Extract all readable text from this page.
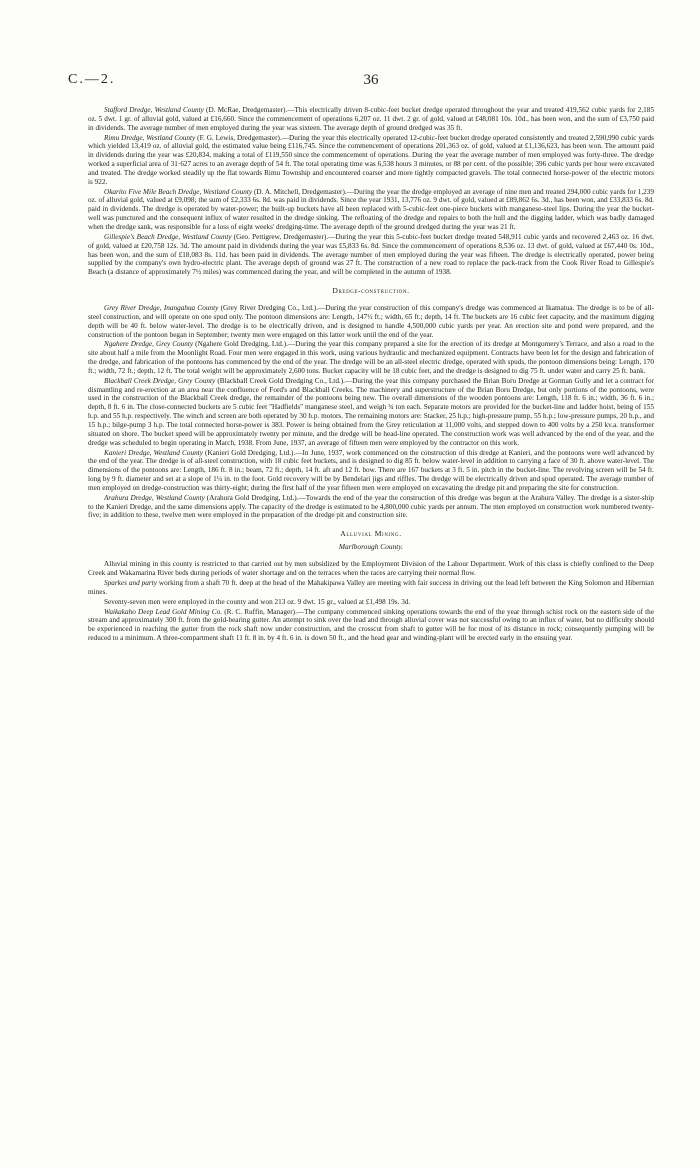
C.—2.	36

Stafford Dredge, Westland County (D. McRae, Dredgemaster).—This electrically driven 8-cubic-feet bucket dredge operated throughout the year and treated 419,562 cubic yards for 2,185 oz. 5 dwt. 1 gr. of alluvial gold, valued at £16,660. Since the commencement of operations 6,207 oz. 11 dwt. 2 gr. of gold, valued at £48,081 10s. 10d., has been won, and the sum of £3,750 paid in dividends. The average number of men employed during the year was sixteen. The average depth of ground dredged was 35 ft.

Rimu Dredge, Westland County (F. G. Lewis, Dredgemaster).—During the year this electrically operated 12-cubic-feet bucket dredge operated consistently and treated 2,590,990 cubic yards which yielded 13,419 oz. of alluvial gold, the estimated value being £116,745. Since the commencement of operations 201,363 oz. of gold, valued at £1,136,623, has been won. The amount paid in dividends during the year was £20,834, making a total of £119,550 since the commencement of operations. During the year the average number of men employed was forty-three. The dredge worked a superficial area of 31·627 acres to an average depth of 54 ft. The total operating time was 6,538 hours 3 minutes, or 88 per cent. of the possible; 396 cubic yards per hour were excavated and treated. The dredge worked steadily up the flat towards Rimu Township and encountered coarser and more tightly compacted gravels. The total connected horse-power of the electric motors is 922.

Okarito Five Mile Beach Dredge, Westland County (D. A. Mitchell, Dredgemaster).—During the year the dredge employed an average of nine men and treated 294,000 cubic yards for 1,239 oz. of alluvial gold, valued at £9,098; the sum of £2,333 6s. 8d. was paid in dividends. Since the year 1931, 13,776 oz. 9 dwt. of gold, valued at £89,862 6s. 3d., has been won, and £33,833 6s. 8d. paid in dividends. The dredge is operated by water-power; the built-up buckets have all been replaced with 5-cubic-feet one-piece buckets with manganese-steel lips. During the year the bucket-well was punctured and the consequent influx of water resulted in the dredge sinking. The refloating of the dredge and repairs to both the hull and the digging ladder, which was badly damaged when the dredge sank, was responsible for a loss of eight weeks' dredging-time. The average depth of the ground dredged during the year was 21 ft.

Gillespie's Beach Dredge, Westland County (Geo. Pettigrew, Dredgemaster).—During the year this 5-cubic-feet bucket dredge treated 548,911 cubic yards and recovered 2,463 oz. 16 dwt. of gold, valued at £20,758 12s. 3d. The amount paid in dividends during the year was £5,833 6s. 8d. Since the commencement of operations 8,536 oz. 13 dwt. of gold, valued at £67,440 0s. 10d., has been won, and the sum of £18,083 8s. 11d. has been paid in dividends. The average number of men employed during the year was fifteen. The dredge is electrically operated, power being supplied by the company's own hydro-electric plant. The average depth of ground was 27 ft. The construction of a new road to replace the pack-track from the Cook River Road to Gillespie's Beach (a distance of approximately 7½ miles) was commenced during the year, and will be completed in the autumn of 1938.

Dredge-construction.

Grey River Dredge, Inangahua County (Grey River Dredging Co., Ltd.).—During the year construction of this company's dredge was commenced at Ikamatua. The dredge is to be of all-steel construction, and will operate on one spud only. The pontoon dimensions are: Length, 147½ ft.; width, 65 ft.; depth, 14 ft. The buckets are 16 cubic feet capacity, and the maximum digging depth will be 40 ft. below water-level. The dredge is to be electrically driven, and is designed to handle 4,500,000 cubic yards per year. An erection site and pond were prepared, and the construction of the pontoon began in September; twenty men were engaged on this latter work until the end of the year.

Ngahere Dredge, Grey County (Ngahere Gold Dredging, Ltd.).—During the year this company prepared a site for the erection of its dredge at Montgomery's Terrace, and also a road to the site about half a mile from the Moonlight Road. Four men were engaged in this work, using various hydraulic and mechanized equipment. Contracts have been let for the design and fabrication of the dredge, and fabrication of the pontoons has commenced by the end of the year. The dredge will be an all-steel electric dredge, operated with spuds, the pontoon dimensions being: Length, 170 ft.; width, 72 ft.; depth, 12 ft. The total weight will be approximately 2,600 tons. Bucket capacity will be 18 cubic feet, and the dredge is designed to dig 75 ft. under water and carry 25 ft. bank.

Blackball Creek Dredge, Grey County (Blackball Creek Gold Dredging Co., Ltd.).—During the year this company purchased the Brian Boru Dredge at Gorman Gully and let a contract for dismantling and re-erection at an area near the confluence of Ford's and Blackball Creeks. The machinery and superstructure of the Brian Boru Dredge, but only portions of the pontoons, were used in the construction of the Blackball Creek dredge, the remainder of the pontoons being new. The overall dimensions of the wooden pontoons are: Length, 118 ft. 6 in.; width, 36 ft. 6 in.; depth, 8 ft. 6 in. The close-connected buckets are 5 cubic feet "Hadfields" manganese steel, and weigh ¾ ton each. Separate motors are provided for the bucket-line and ladder hoist, being of 155 h.p. and 55 h.p. respectively. The winch and screen are both operated by 30 h.p. motors. The remaining motors are: Stacker, 25 h.p.; high-pressure pump, 55 h.p.; low-pressure pumps, 20 h.p., and 15 h.p.; bilge-pump 3 h.p. The total connected horse-power is 383. Power is being obtained from the Grey reticulation at 11,000 volts, and stepped down to 400 volts by a 250 kv.a. transformer situated on shore. The bucket speed will be approximately twenty per minute, and the dredge will be head-line operated. The construction work was well advanced by the end of the year, and the dredge was scheduled to begin operating in March, 1938. From June, 1937, an average of fifteen men were employed by the contractor on this work.

Kanieri Dredge, Westland County (Kanieri Gold Dredging, Ltd.).—In June, 1937, work commenced on the construction of this dredge at Kanieri, and the pontoons were well advanced by the end of the year. The dredge is of all-steel construction, with 18 cubic feet buckets, and is designed to dig 85 ft. below water-level in addition to carrying a face of 30 ft. above water-level. The dimensions of the pontoons are: Length, 186 ft. 8 in.; beam, 72 ft.; depth, 14 ft. aft and 12 ft. bow. There are 167 buckets at 3 ft. 5 in. pitch in the bucket-line. The revolving screen will be 54 ft. long by 9 ft. diameter and set at a slope of 1¼ in. to the foot. Gold recovery will be by Bendelari jigs and riffles. The dredge will be electrically driven and spud operated. The average number of men employed on dredge-construction was thirty-eight; during the first half of the year fifteen men were employed on excavating the dredge pit and preparing the site for construction.

Arahura Dredge, Westland County (Arahura Gold Dredging, Ltd.).—Towards the end of the year the construction of this dredge was begun at the Arahura Valley. The dredge is a sister-ship to the Kanieri Dredge, and the same dimensions apply. The capacity of the dredge is estimated to be 4,800,000 cubic yards per annum. The men employed on construction work numbered twenty-five; in addition to these, twelve men were employed in the preparation of the dredge pit and construction site.

Alluvial Mining.
Marlborough County.

Alluvial mining in this county is restricted to that carried out by men subsidized by the Employment Division of the Labour Department. Work of this class is chiefly confined to the Deep Creek and Wakamarina River beds during periods of water shortage and on the terraces when the races are carrying their normal flow.

Sparkes and party working from a shaft 70 ft. deep at the head of the Mahakipawa Valley are meeting with fair success in driving out the lead left between the King Solomon and Hibernian mines.

Seventy-seven men were employed in the county and won 213 oz. 9 dwt. 15 gr., valued at £1,498 19s. 3d.

Waikakaho Deep Lead Gold Mining Co. (R. C. Ruffin, Manager).—The company commenced sinking operations towards the end of the year through schist rock on the eastern side of the stream and approximately 300 ft. from the gold-bearing gutter. An attempt to sink over the lead and through alluvial cover was not successful owing to an influx of water, but no difficulty should be experienced in reaching the gutter from the rock shaft now under construction, and the crosscut from shaft to gutter will be for most of its distance in rock; consequently pumping will be reduced to a minimum. A three-compartment shaft 11 ft. 8 in. by 4 ft. 6 in. is down 50 ft., and the head gear and winding-plant will be erected early in the ensuing year.
